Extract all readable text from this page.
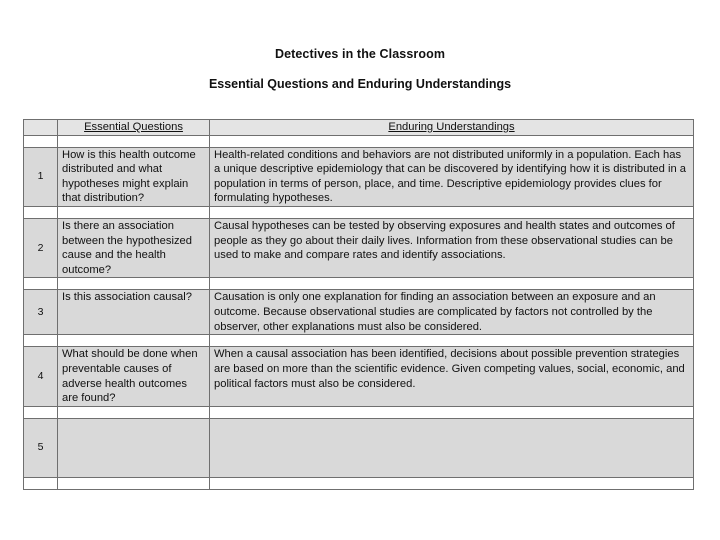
Detectives in the Classroom
Essential Questions and Enduring Understandings
	Essential Questions	Enduring Understandings

1	How is this health outcome distributed and what hypotheses might explain that distribution?	Health-related conditions and behaviors are not distributed uniformly in a population. Each has a unique descriptive epidemiology that can be discovered by identifying how it is distributed in a population in terms of person, place, and time. Descriptive epidemiology provides clues for formulating hypotheses.

2	Is there an association between the hypothesized cause and the health outcome?	Causal hypotheses can be tested by observing exposures and health states and outcomes of people as they go about their daily lives. Information from these observational studies can be used to make and compare rates and identify associations.

3	Is this association causal?	Causation is only one explanation for finding an association between an exposure and an outcome. Because observational studies are complicated by factors not controlled by the observer, other explanations must also be considered.

4	What should be done when preventable causes of adverse health outcomes are found?	When a causal association has been identified, decisions about possible prevention strategies are based on more than the scientific evidence. Given competing values, social, economic, and political factors must also be considered.

5		
